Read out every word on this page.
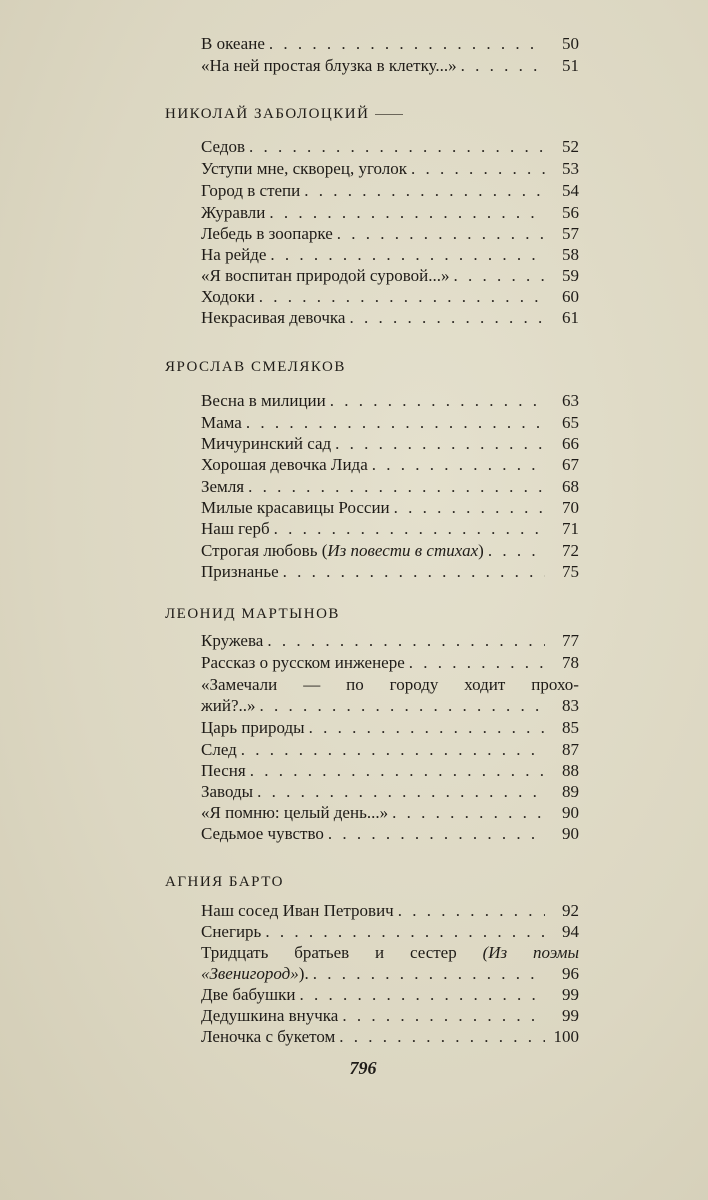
В океане . . .	50
«На ней простая блузка в клетку...» . . .	51
НИКОЛАЙ ЗАБОЛОЦКИЙ
Седов . . .	52
Уступи мне, скворец, уголок . . .	53
Город в степи . . .	54
Журавли . . .	56
Лебедь в зоопарке . . .	57
На рейде . . .	58
«Я воспитан природой суровой...» . . .	59
Ходоки . . .	60
Некрасивая девочка . . .	61
ЯРОСЛАВ СМЕЛЯКОВ
Весна в милиции . . .	63
Мама . . .	65
Мичуринский сад . . .	66
Хорошая девочка Лида . . .	67
Земля . . .	68
Милые красавицы России . . .	70
Наш герб . . .	71
Строгая любовь (Из повести в стихах) . . .	72
Признанье . . .	75
ЛЕОНИД МАРТЫНОВ
Кружева . . .	77
Рассказ о русском инженере . . .	78
«Замечали — по городу ходит прохо-
жий?..» . . .	83
Царь природы . . .	85
След . . .	87
Песня . . .	88
Заводы . . .	89
«Я помню: целый день...» . . .	90
Седьмое чувство . . .	90
АГНИЯ БАРТО
Наш сосед Иван Петрович . . .	92
Снегирь . . .	94
Тридцать братьев и сестер (Из поэмы
«Звенигород»). . . .	96
Две бабушки . . .	99
Дедушкина внучка . . .	99
Леночка с букетом . . .	100
796
